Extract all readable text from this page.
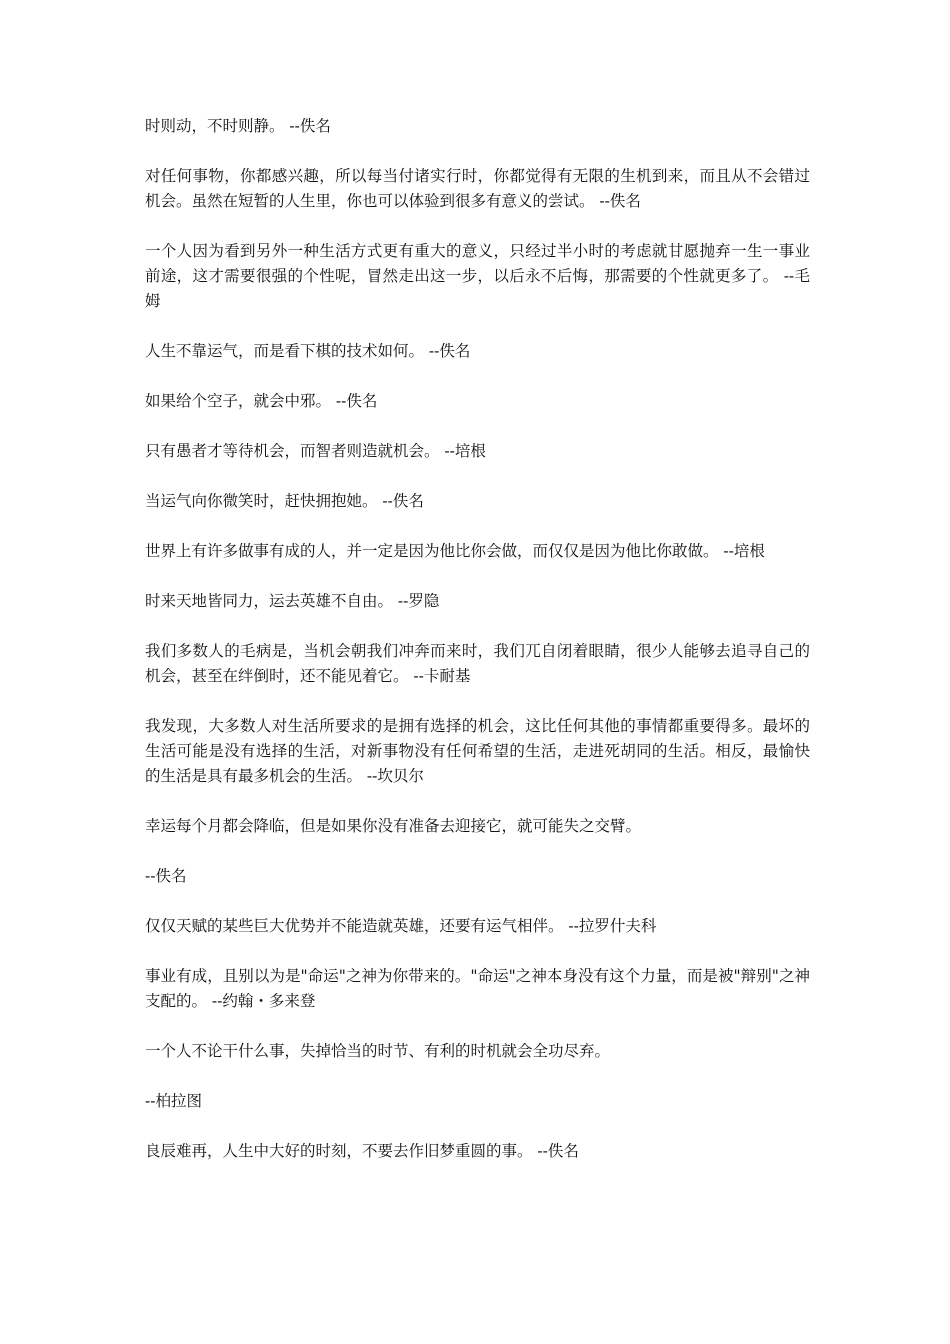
时则动，不时则静。 --佚名

对任何事物，你都感兴趣，所以每当付诸实行时，你都觉得有无限的生机到来，而且从不会错过机会。虽然在短暂的人生里，你也可以体验到很多有意义的尝试。 --佚名

一个人因为看到另外一种生活方式更有重大的意义，只经过半小时的考虑就甘愿抛弃一生一事业前途，这才需要很强的个性呢，冒然走出这一步，以后永不后悔，那需要的个性就更多了。 --毛姆

人生不靠运气，而是看下棋的技术如何。 --佚名

如果给个空子，就会中邪。 --佚名

只有愚者才等待机会，而智者则造就机会。 --培根

当运气向你微笑时，赶快拥抱她。 --佚名

世界上有许多做事有成的人，并一定是因为他比你会做，而仅仅是因为他比你敢做。 --培根

时来天地皆同力，运去英雄不自由。 --罗隐

我们多数人的毛病是，当机会朝我们冲奔而来时，我们兀自闭着眼睛，很少人能够去追寻自己的机会，甚至在绊倒时，还不能见着它。 --卡耐基

我发现，大多数人对生活所要求的是拥有选择的机会，这比任何其他的事情都重要得多。最坏的生活可能是没有选择的生活，对新事物没有任何希望的生活，走进死胡同的生活。相反，最愉快的生活是具有最多机会的生活。 --坎贝尔

幸运每个月都会降临，但是如果你没有准备去迎接它，就可能失之交臂。

--佚名

仅仅天赋的某些巨大优势并不能造就英雄，还要有运气相伴。 --拉罗什夫科

事业有成，且别以为是"命运"之神为你带来的。"命运"之神本身没有这个力量，而是被"辩别"之神支配的。 --约翰・多来登

一个人不论干什么事，失掉恰当的时节、有利的时机就会全功尽弃。

--柏拉图

良辰难再，人生中大好的时刻，不要去作旧梦重圆的事。 --佚名
